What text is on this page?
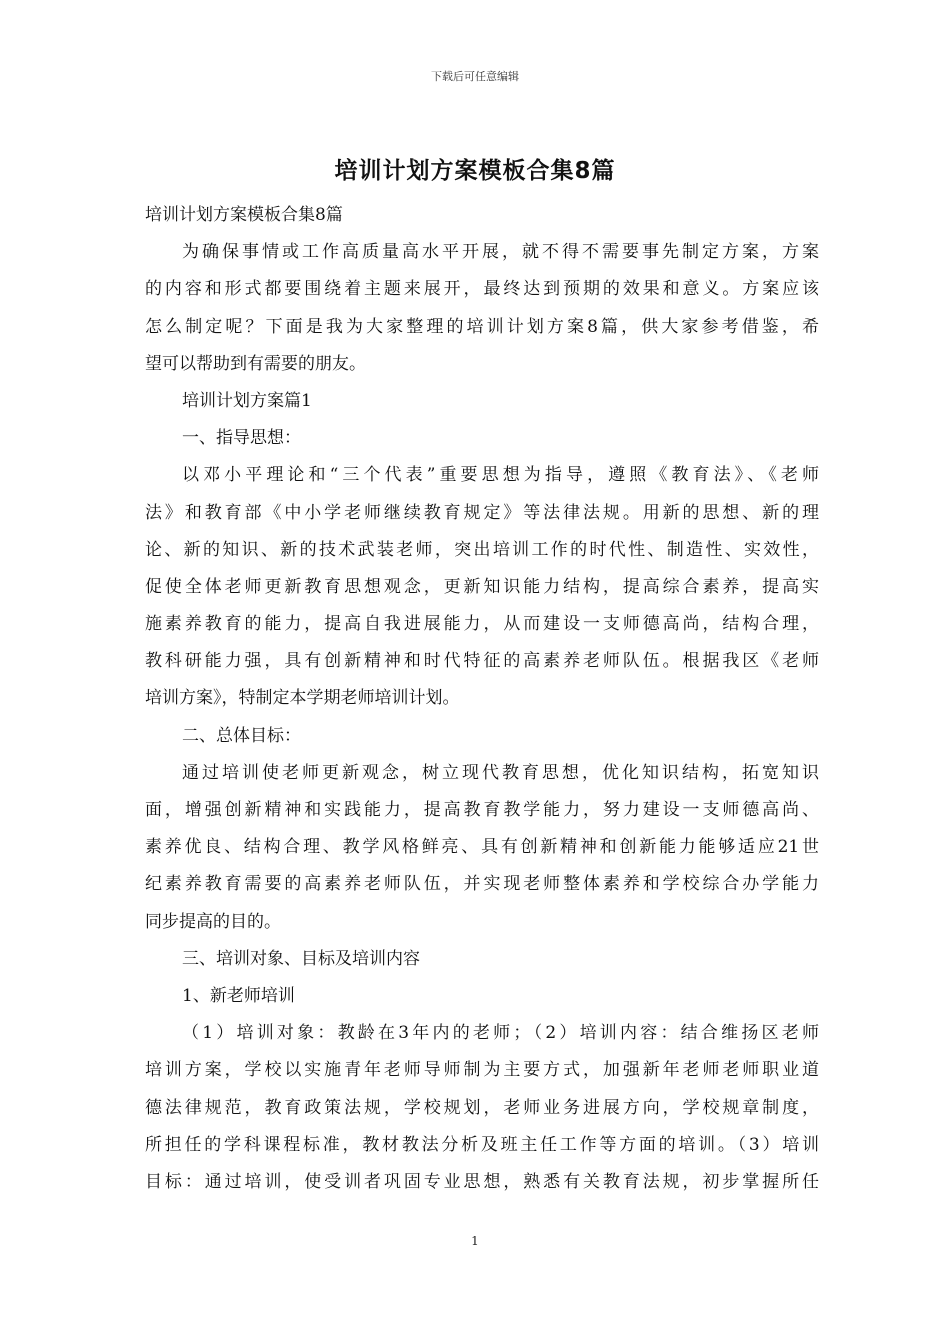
下载后可任意编辑
培训计划方案模板合集8篇
培训计划方案模板合集8篇
为确保事情或工作高质量高水平开展，就不得不需要事先制定方案，方案
的内容和形式都要围绕着主题来展开，最终达到预期的效果和意义。方案应该
怎么制定呢？下面是我为大家整理的培训计划方案8篇，供大家参考借鉴，希
望可以帮助到有需要的朋友。
培训计划方案篇1
一、指导思想：
以邓小平理论和“三个代表”重要思想为指导，遵照《教育法》、《老师
法》和教育部《中小学老师继续教育规定》等法律法规。用新的思想、新的理
论、新的知识、新的技术武装老师，突出培训工作的时代性、制造性、实效性，
促使全体老师更新教育思想观念，更新知识能力结构，提高综合素养，提高实
施素养教育的能力，提高自我进展能力，从而建设一支师德高尚，结构合理，
教科研能力强，具有创新精神和时代特征的高素养老师队伍。根据我区《老师
培训方案》，特制定本学期老师培训计划。
二、总体目标：
通过培训使老师更新观念，树立现代教育思想，优化知识结构，拓宽知识
面，增强创新精神和实践能力，提高教育教学能力，努力建设一支师德高尚、
素养优良、结构合理、教学风格鲜亮、具有创新精神和创新能力能够适应21世
纪素养教育需要的高素养老师队伍，并实现老师整体素养和学校综合办学能力
同步提高的目的。
三、培训对象、目标及培训内容
1、新老师培训
（1）培训对象：教龄在3年内的老师；（2）培训内容：结合维扬区老师
培训方案，学校以实施青年老师导师制为主要方式，加强新年老师老师职业道
德法律规范，教育政策法规，学校规划，老师业务进展方向，学校规章制度，
所担任的学科课程标准，教材教法分析及班主任工作等方面的培训。（3）培训
目标：通过培训，使受训者巩固专业思想，熟悉有关教育法规，初步掌握所任
1
